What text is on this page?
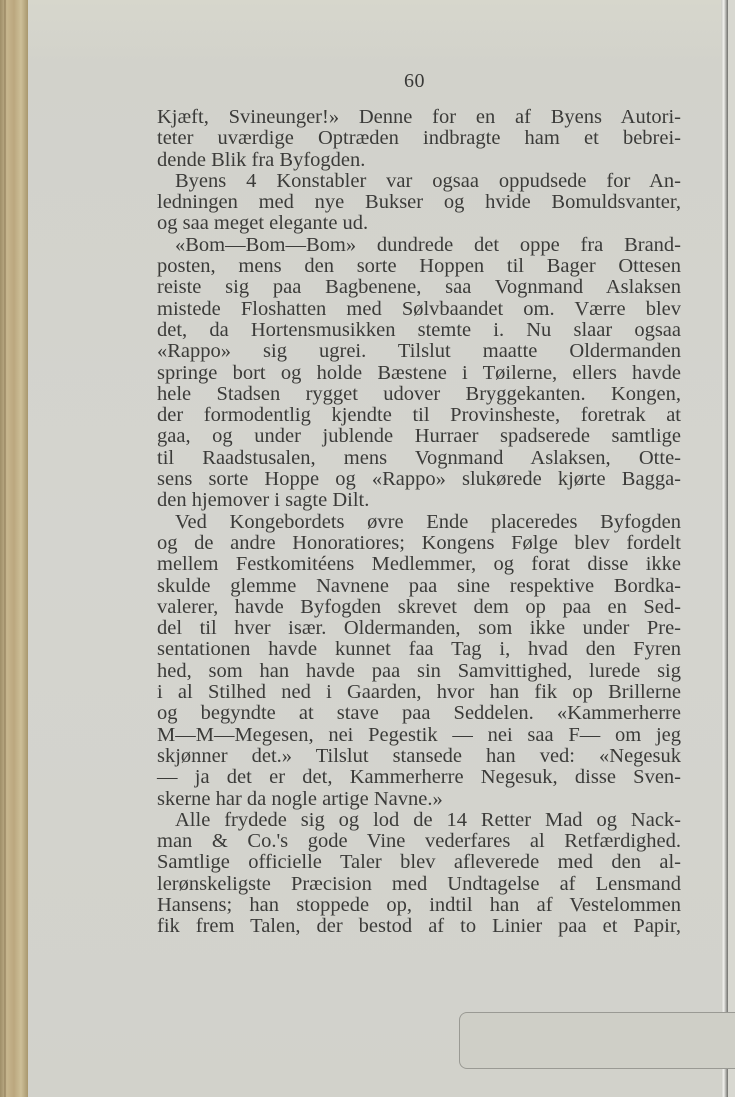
60
Kjæft, Svineunger!» Denne for en af Byens Autori-
teter uværdige Optræden indbragte ham et bebrei-
dende Blik fra Byfogden.
Byens 4 Konstabler var ogsaa oppudsede for An-
ledningen med nye Bukser og hvide Bomuldsvanter,
og saa meget elegante ud.
«Bom—Bom—Bom» dundrede det oppe fra Brand-
posten, mens den sorte Hoppen til Bager Ottesen
reiste sig paa Bagbenene, saa Vognmand Aslaksen
mistede Floshatten med Sølvbaandet om. Værre blev
det, da Hortensmusikken stemte i. Nu slaar ogsaa
«Rappo» sig ugrei. Tilslut maatte Oldermanden
springe bort og holde Bæstene i Tøilerne, ellers havde
hele Stadsen rygget udover Bryggekanten. Kongen,
der formodentlig kjendte til Provinsheste, foretrak at
gaa, og under jublende Hurraer spadserede samtlige
til Raadstusalen, mens Vognmand Aslaksen, Otte-
sens sorte Hoppe og «Rappo» slukørede kjørte Bagga-
den hjemover i sagte Dilt.
Ved Kongebordets øvre Ende placeredes Byfogden
og de andre Honoratiores; Kongens Følge blev fordelt
mellem Festkomitéens Medlemmer, og forat disse ikke
skulde glemme Navnene paa sine respektive Bordka-
valerer, havde Byfogden skrevet dem op paa en Sed-
del til hver især. Oldermanden, som ikke under Pre-
sentationen havde kunnet faa Tag i, hvad den Fyren
hed, som han havde paa sin Samvittighed, lurede sig
i al Stilhed ned i Gaarden, hvor han fik op Brillerne
og begyndte at stave paa Seddelen. «Kammerherre
M—M—Megesen, nei Pegestik — nei saa F— om jeg
skjønner det.» Tilslut stansede han ved: «Negesuk
— ja det er det, Kammerherre Negesuk, disse Sven-
skerne har da nogle artige Navne.»
Alle frydede sig og lod de 14 Retter Mad og Nack-
man & Co.'s gode Vine vederfares al Retfærdighed.
Samtlige officielle Taler blev afleverede med den al-
lerønskeligste Præcision med Undtagelse af Lensmand
Hansens; han stoppede op, indtil han af Vestelommen
fik frem Talen, der bestod af to Linier paa et Papir,
